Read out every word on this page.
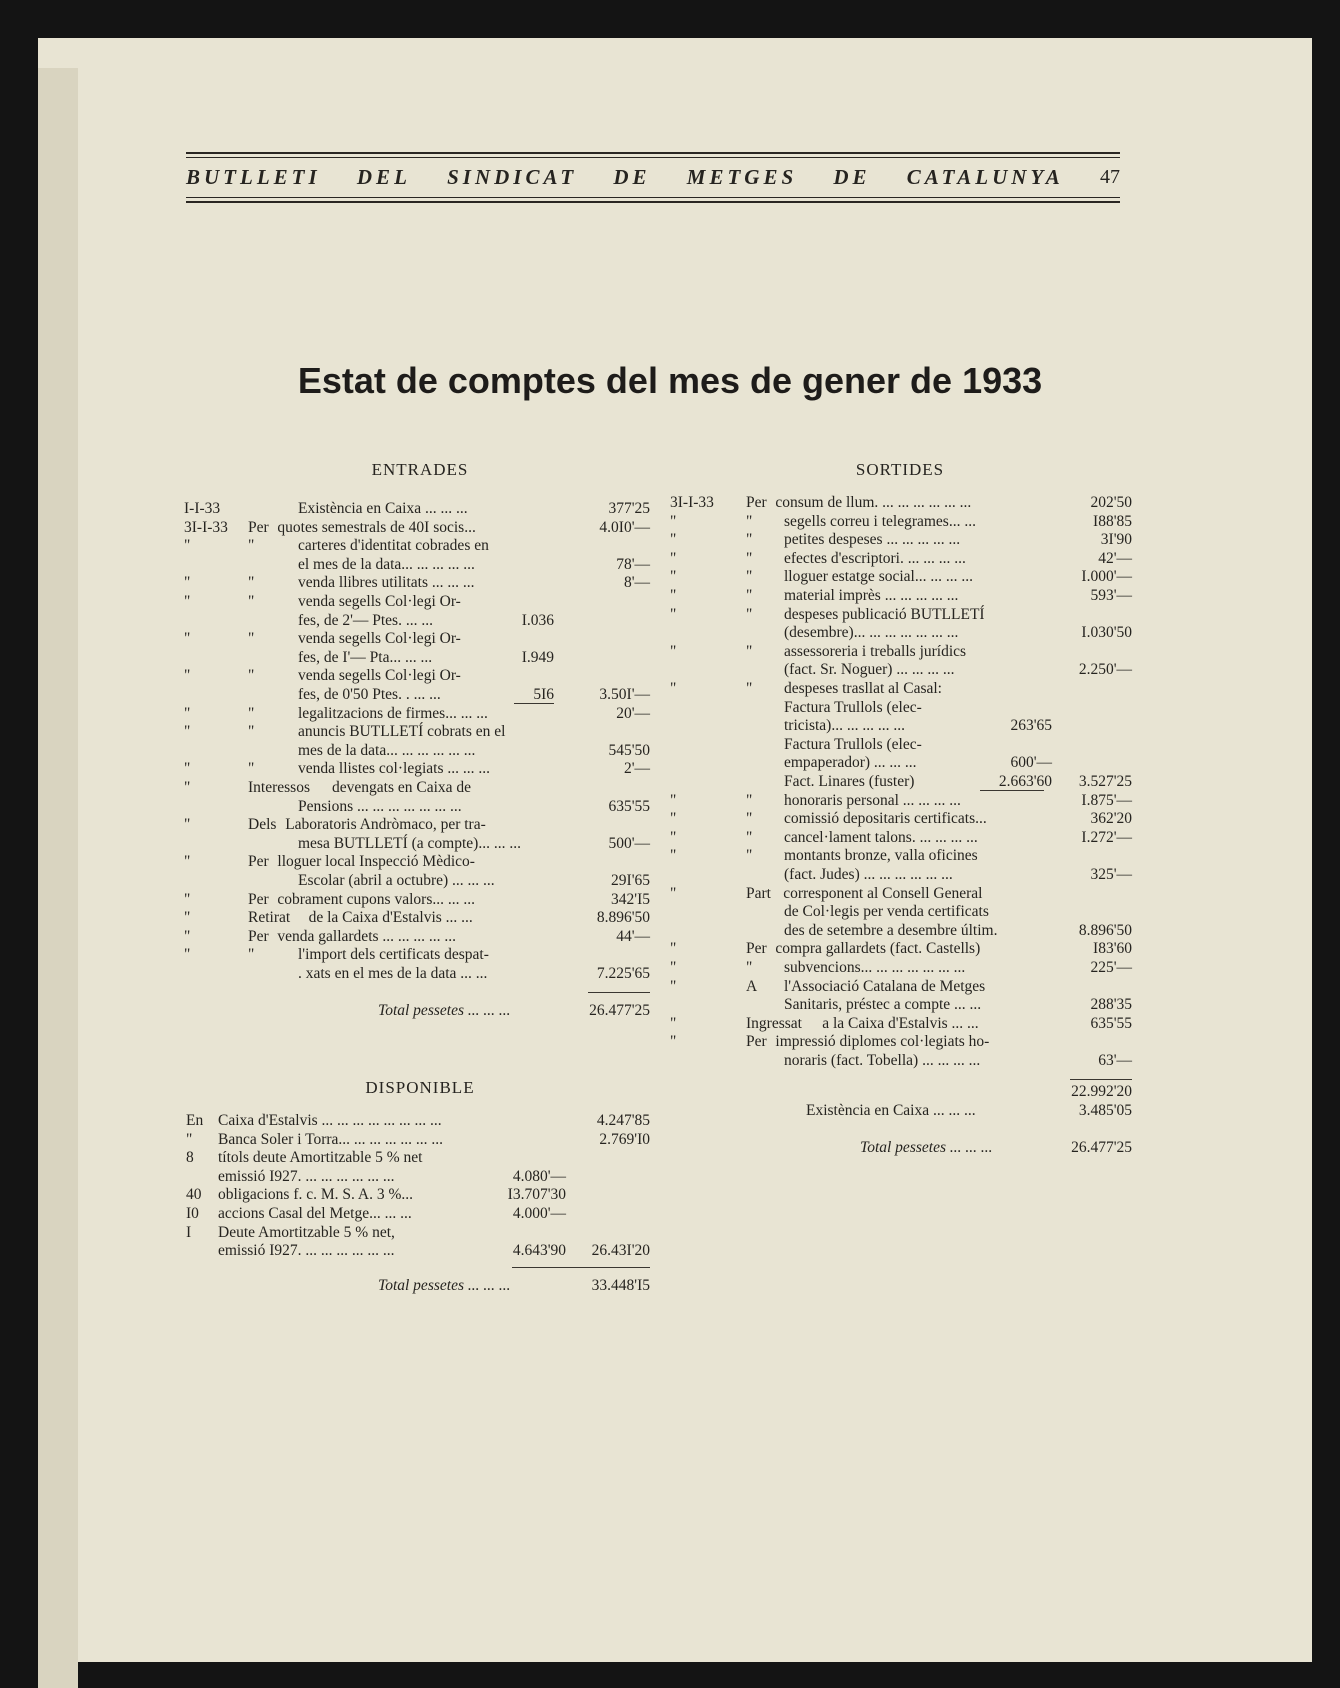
BUTLLETI DEL SINDICAT DE METGES DE CATALUNYA 47
Estat de comptes del mes de gener de 1933
ENTRADES
I-I-33	Existència en Caixa ... ... ...	377'25
3I-I-33 Per quotes semestrals de 40I socis...	4.0I0'—
"	"	carteres d'identitat cobrades en
el mes de la data... ... ... ... ...	78'—
"	"	venda llibres utilitats ... ... ...	8'—
"	"	venda segells Col·legi Or-
fes, de 2'— Ptes. ... ...	I.036
"	"	venda segells Col·legi Or-
fes, de I'— Pta... ... ...	I.949
"	"	venda segells Col·legi Or-
fes, de 0'50 Ptes. . ... ...	5I6	3.50I'—
"	"	legalitzacions de firmes... ... ...	20'—
"	"	anuncis BUTLLETÍ cobrats en el
mes de la data... ... ... ... ... ...	545'50
"	"	venda llistes col·legiats ... ... ...	2'—
"	Interessos devengats en Caixa de
Pensions ... ... ... ... ... ... ...	635'55
"	Dels Laboratoris Andròmaco, per tra-
mesa BUTLLETÍ (a compte)... ... ...	500'—
"	Per lloguer local Inspecció Mèdico-
Escolar (abril a octubre) ... ... ...	29I'65
"	Per cobrament cupons valors... ... ...	342'I5
"	Retirat de la Caixa d'Estalvis ... ...	8.896'50
"	Per venda gallardets ... ... ... ... ...	44'—
"	"	l'import dels certificats despat-
. xats en el mes de la data ... ...	7.225'65
Total pessetes ... ... ...	26.477'25
DISPONIBLE
En Caixa d'Estalvis ... ... ... ... ... ... ... ...	4.247'85
" Banca Soler i Torra... ... ... ... ... ... ...	2.769'I0
8 títols deute Amortitzable 5 % net
emissió I927. ... ... ... ... ... ...	4.080'—
40 obligacions f. c. M. S. A. 3 %...	I3.707'30
I0 accions Casal del Metge... ... ...	4.000'—
I Deute Amortitzable 5 % net,
emissió I927. ... ... ... ... ... ...	4.643'90 26.43I'20
Total pessetes ... ... ...	33.448'I5
SORTIDES
3I-I-33 Per consum de llum. ... ... ... ... ... ...	202'50
"	" segells correu i telegrames... ...	I88'85
"	" petites despeses ... ... ... ... ...	3I'90
"	" efectes d'escriptori. ... ... ... ...	42'—
"	" lloguer estatge social... ... ... ...	I.000'—
"	" material imprès ... ... ... ... ...	593'—
"	" despeses publicació BUTLLETÍ
(desembre)... ... ... ... ... ... ...	I.030'50
"	" assessoreria i treballs jurídics
(fact. Sr. Noguer) ... ... ... ...	2.250'—
"	" despeses trasllat al Casal:
Factura Trullols (elec-
tricista)... ... ... ... ...	263'65
Factura Trullols (elec-
empaperador) ... ... ...	600'—
Fact. Linares (fuster)	2.663'60 3.527'25
"	" honoraris personal ... ... ... ...	I.875'—
"	" comissió depositaris certificats...	362'20
"	" cancel·lament talons. ... ... ... ...	I.272'—
"	" montants bronze, valla oficines
(fact. Judes) ... ... ... ... ... ...	325'—
"	Part corresponent al Consell General
de Col·legis per venda certificats
des de setembre a desembre últim.	8.896'50
"	Per compra gallardets (fact. Castells)	I83'60
"	" subvencions... ... ... ... ... ... ...	225'—
"	A l'Associació Catalana de Metges
Sanitaris, préstec a compte ... ...	288'35
"	Ingressat a la Caixa d'Estalvis ... ...	635'55
"	Per impressió diplomes col·legiats ho-
noraris (fact. Tobella) ... ... ... ...	63'—
22.992'20
Existència en Caixa ... ... ...	3.485'05
Total pessetes ... ... ...	26.477'25
